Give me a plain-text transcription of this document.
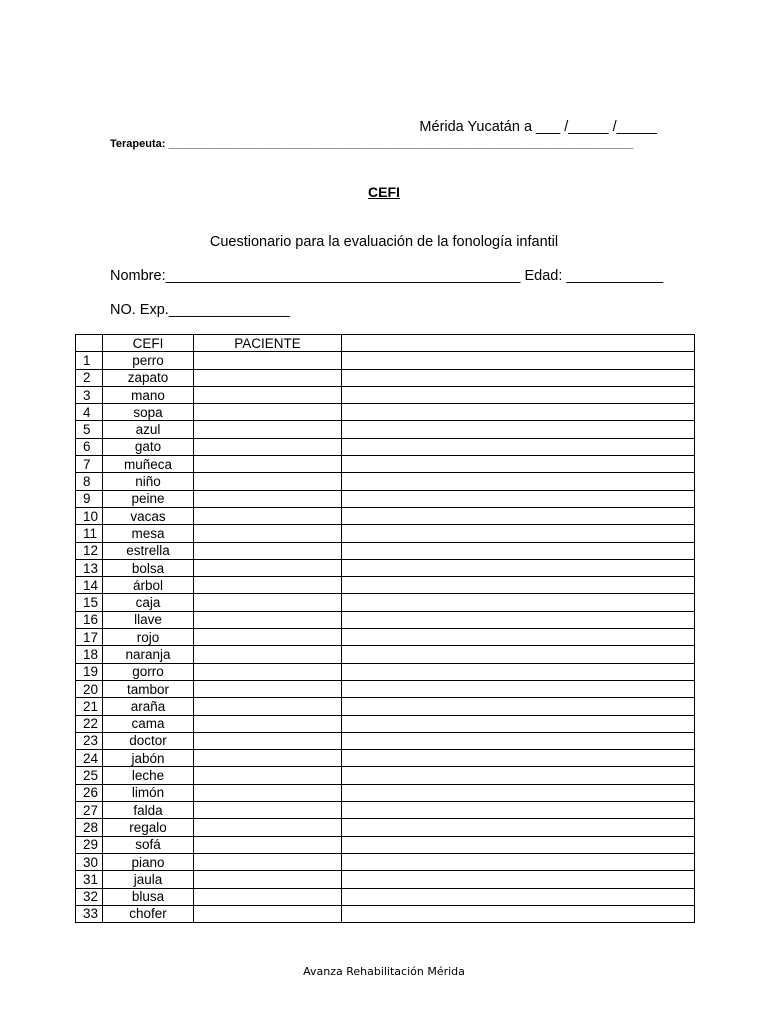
Mérida Yucatán a ___ /_____ /_____
Terapeuta: ____________________________________________________________________________
CEFI
Cuestionario para la evaluación de la fonología infantil
Nombre:____________________________________________ Edad: ____________
NO. Exp._______________
	CEFI	PACIENTE	
1	perro		
2	zapato		
3	mano		
4	sopa		
5	azul		
6	gato		
7	muñeca		
8	niño		
9	peine		
10	vacas		
11	mesa		
12	estrella		
13	bolsa		
14	árbol		
15	caja		
16	llave		
17	rojo		
18	naranja		
19	gorro		
20	tambor		
21	araña		
22	cama		
23	doctor		
24	jabón		
25	leche		
26	limón		
27	falda		
28	regalo		
29	sofá		
30	piano		
31	jaula		
32	blusa		
33	chofer		
Avanza Rehabilitación Mérida
